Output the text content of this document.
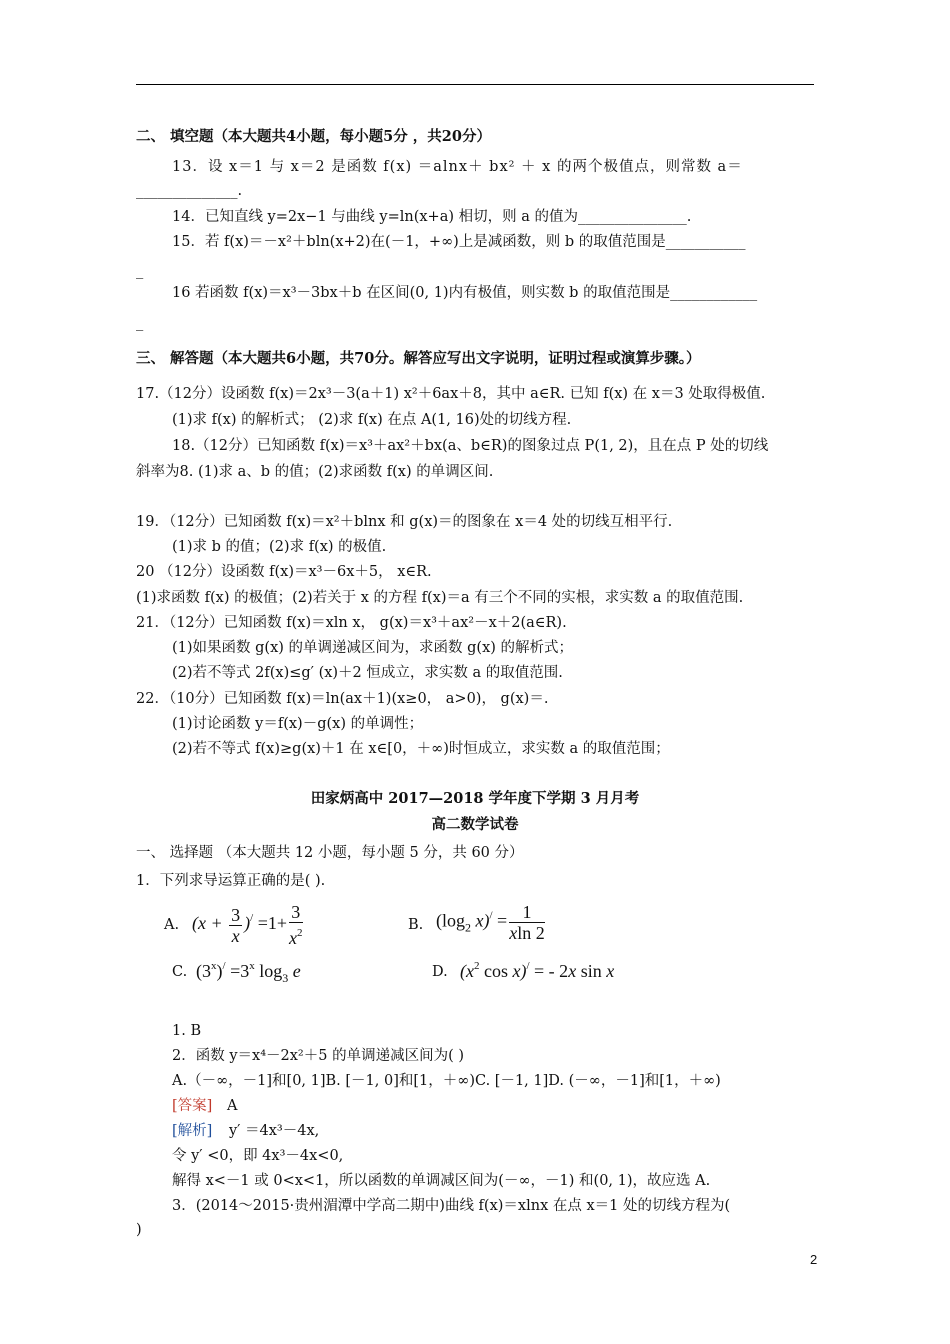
二、 填空题（本大题共4小题，每小题5分 ，共20分）
13．设 x＝1 与 x＝2 是函数 f(x) ＝alnx＋ bx² ＋ x 的两个极值点，则常数 a＝
______________.
14．已知直线 y=2x−1 与曲线 y=ln(x+a) 相切，则 a 的值为_______________.
15．若 f(x)＝－x²＋bln(x+2)在(－1，+∞)上是减函数，则 b 的取值范围是___________
_
16 若函数 f(x)＝x³－3bx＋b 在区间(0, 1)内有极值，则实数 b 的取值范围是____________
_
三、 解答题（本大题共6小题，共70分。解答应写出文字说明，证明过程或演算步骤。）
17.（12分）设函数 f(x)＝2x³－3(a＋1) x²＋6ax＋8，其中 a∈R. 已知 f(x) 在 x＝3 处取得极值.
(1)求 f(x) 的解析式； (2)求 f(x) 在点 A(1, 16)处的切线方程.
18.（12分）已知函数 f(x)＝x³＋ax²＋bx(a、b∈R)的图象过点 P(1, 2)，且在点 P 处的切线
斜率为8. (1)求 a、b 的值；(2)求函数 f(x) 的单调区间.
19．（12分）已知函数 f(x)＝x²＋blnx 和 g(x)＝的图象在 x＝4 处的切线互相平行.
(1)求 b 的值；(2)求 f(x) 的极值.
20 （12分）设函数 f(x)＝x³－6x＋5， x∈R.
(1)求函数 f(x) 的极值；(2)若关于 x 的方程 f(x)＝a 有三个不同的实根，求实数 a 的取值范围.
21．（12分）已知函数 f(x)＝xln x， g(x)＝x³＋ax²－x＋2(a∈R).
(1)如果函数 g(x) 的单调递减区间为，求函数 g(x) 的解析式；
(2)若不等式 2f(x)≤g′ (x)＋2 恒成立，求实数 a 的取值范围.
22．（10分）已知函数 f(x)＝ln(ax＋1)(x≥0， a>0)， g(x)＝.
(1)讨论函数 y＝f(x)－g(x) 的单调性；
(2)若不等式 f(x)≥g(x)＋1 在 x∈[0，＋∞)时恒成立，求实数 a 的取值范围；
田家炳高中 2017—2018 学年度下学期 3 月月考
高二数学试卷
一、 选择题 （本大题共 12 小题，每小题 5 分，共 60 分）
1．下列求导运算正确的是( ).
A. $(x + \frac{3}{x} )^/ =1+ \frac{3}{x^2}$	B. ($\log_2$ $x)^/ = \frac{1}{xln 2}$
C. $(3^x)^/ =3^x$ $\log_3 e$	D. ($x^2$ cos x)/ = - 2x sin x
1. B
2．函数 y＝x⁴－2x²＋5 的单调递减区间为( )
A.（－∞，－1]和[0, 1]B. [－1, 0]和[1，＋∞)C. [－1, 1]D. (－∞，－1]和[1，＋∞)
[答案] A
[解析] y′ ＝4x³－4x,
令 y′ <0，即 4x³－4x<0,
解得 x<－1 或 0<x<1，所以函数的单调减区间为(－∞，－1) 和(0, 1)，故应选 A.
3．(2014～2015·贵州湄潭中学高二期中)曲线 f(x)＝xlnx 在点 x＝1 处的切线方程为(
)
2
